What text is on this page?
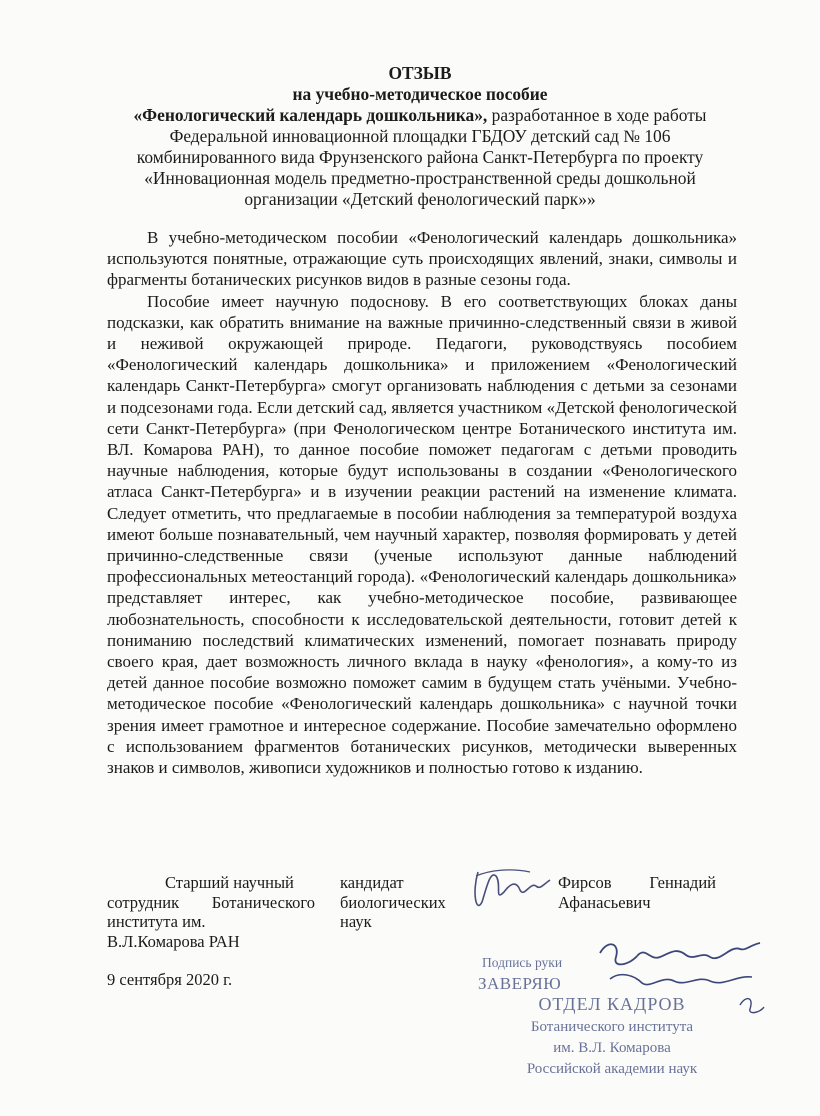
ОТЗЫВ
на учебно-методическое пособие
«Фенологический календарь дошкольника», разработанное в ходе работы
Федеральной инновационной площадки ГБДОУ детский сад № 106
комбинированного вида Фрунзенского района Санкт-Петербурга по проекту
«Инновационная модель предметно-пространственной среды дошкольной
организации «Детский фенологический парк»»

В учебно-методическом пособии «Фенологический календарь дошкольника» используются понятные, отражающие суть происходящих явлений, знаки, символы и фрагменты ботанических рисунков видов в разные сезоны года.

Пособие имеет научную подоснову. В его соответствующих блоках даны подсказки, как обратить внимание на важные причинно-следственный связи в живой и неживой окружающей природе. Педагоги, руководствуясь пособием «Фенологический календарь дошкольника» и приложением «Фенологический календарь Санкт-Петербурга» смогут организовать наблюдения с детьми за сезонами и подсезонами года. Если детский сад, является участником «Детской фенологической сети Санкт-Петербурга» (при Фенологическом центре Ботанического института им. ВЛ. Комарова РАН), то данное пособие поможет педагогам с детьми проводить научные наблюдения, которые будут использованы в создании «Фенологического атласа Санкт-Петербурга» и в изучении реакции растений на изменение климата. Следует отметить, что предлагаемые в пособии наблюдения за температурой воздуха имеют больше познавательный, чем научный характер, позволяя формировать у детей причинно-следственные связи (ученые используют данные наблюдений профессиональных метеостанций города). «Фенологический календарь дошкольника» представляет интерес, как учебно-методическое пособие, развивающее любознательность, способности к исследовательской деятельности, готовит детей к пониманию последствий климатических изменений, помогает познавать природу своего края, дает возможность личного вклада в науку «фенология», а кому-то из детей данное пособие возможно поможет самим в будущем стать учёными. Учебно-методическое пособие «Фенологический календарь дошкольника» с научной точки зрения имеет грамотное и интересное содержание. Пособие замечательно оформлено с использованием фрагментов ботанических рисунков, методически выверенных знаков и символов, живописи художников и полностью готово к изданию.

Старший научный
сотрудник Ботанического института им.
В.Л.Комарова РАН
кандидат
биологических
наук
Фирсов Геннадий
Афанасьевич
9 сентября 2020 г.
Подпись руки
ЗАВЕРЯЮ
ОТДЕЛ КАДРОВ
Ботанического института
им. В.Л. Комарова
Российской академии наук
